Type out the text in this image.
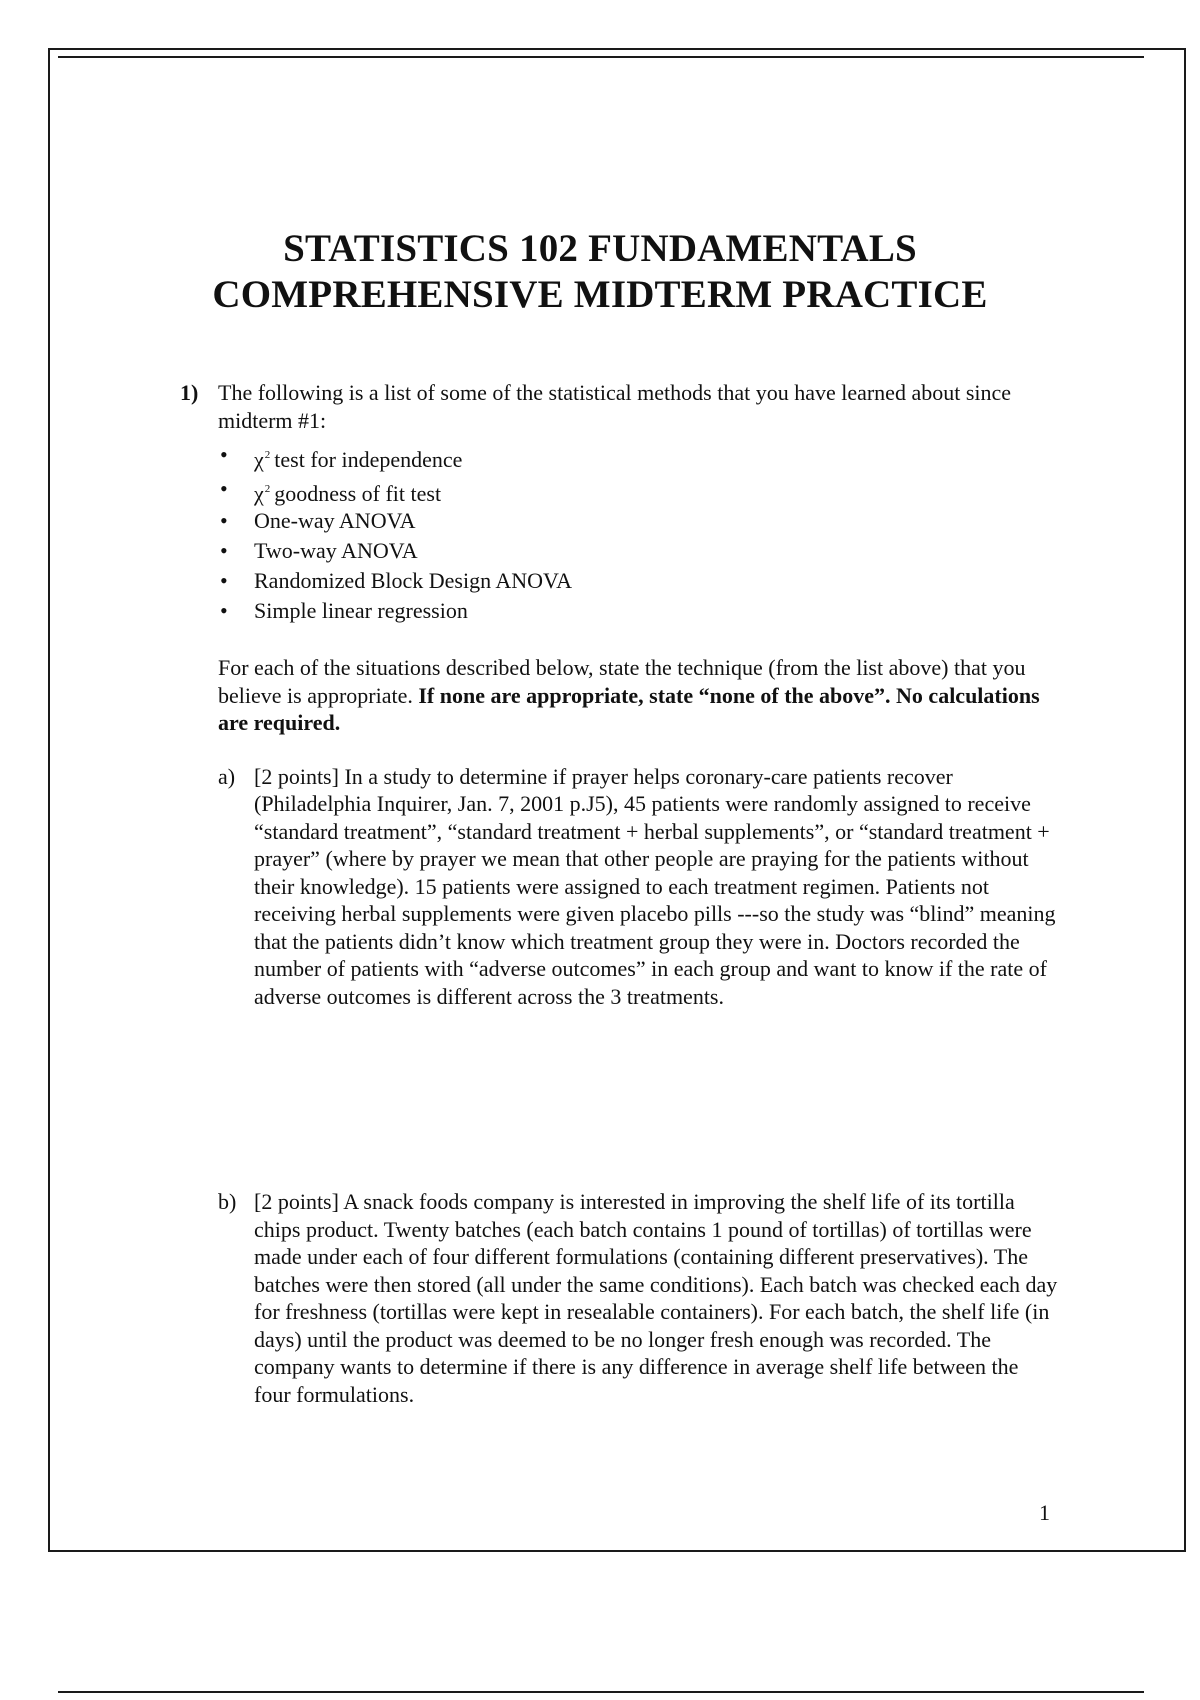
STATISTICS 102 FUNDAMENTALS
COMPREHENSIVE MIDTERM PRACTICE
1) The following is a list of some of the statistical methods that you have learned about since midterm #1:
• $\chi^2$ test for independence
• $\chi^2$ goodness of fit test
• One-way ANOVA
• Two-way ANOVA
• Randomized Block Design ANOVA
• Simple linear regression
For each of the situations described below, state the technique (from the list above) that you believe is appropriate. If none are appropriate, state “none of the above”. No calculations are required.
a) [2 points] In a study to determine if prayer helps coronary-care patients recover (Philadelphia Inquirer, Jan. 7, 2001 p.J5), 45 patients were randomly assigned to receive “standard treatment”, “standard treatment + herbal supplements”, or “standard treatment + prayer” (where by prayer we mean that other people are praying for the patients without their knowledge). 15 patients were assigned to each treatment regimen. Patients not receiving herbal supplements were given placebo pills ---so the study was “blind” meaning that the patients didn’t know which treatment group they were in. Doctors recorded the number of patients with “adverse outcomes” in each group and want to know if the rate of adverse outcomes is different across the 3 treatments.
b) [2 points] A snack foods company is interested in improving the shelf life of its tortilla chips product. Twenty batches (each batch contains 1 pound of tortillas) of tortillas were made under each of four different formulations (containing different preservatives). The batches were then stored (all under the same conditions). Each batch was checked each day for freshness (tortillas were kept in resealable containers). For each batch, the shelf life (in days) until the product was deemed to be no longer fresh enough was recorded. The company wants to determine if there is any difference in average shelf life between the four formulations.
1
